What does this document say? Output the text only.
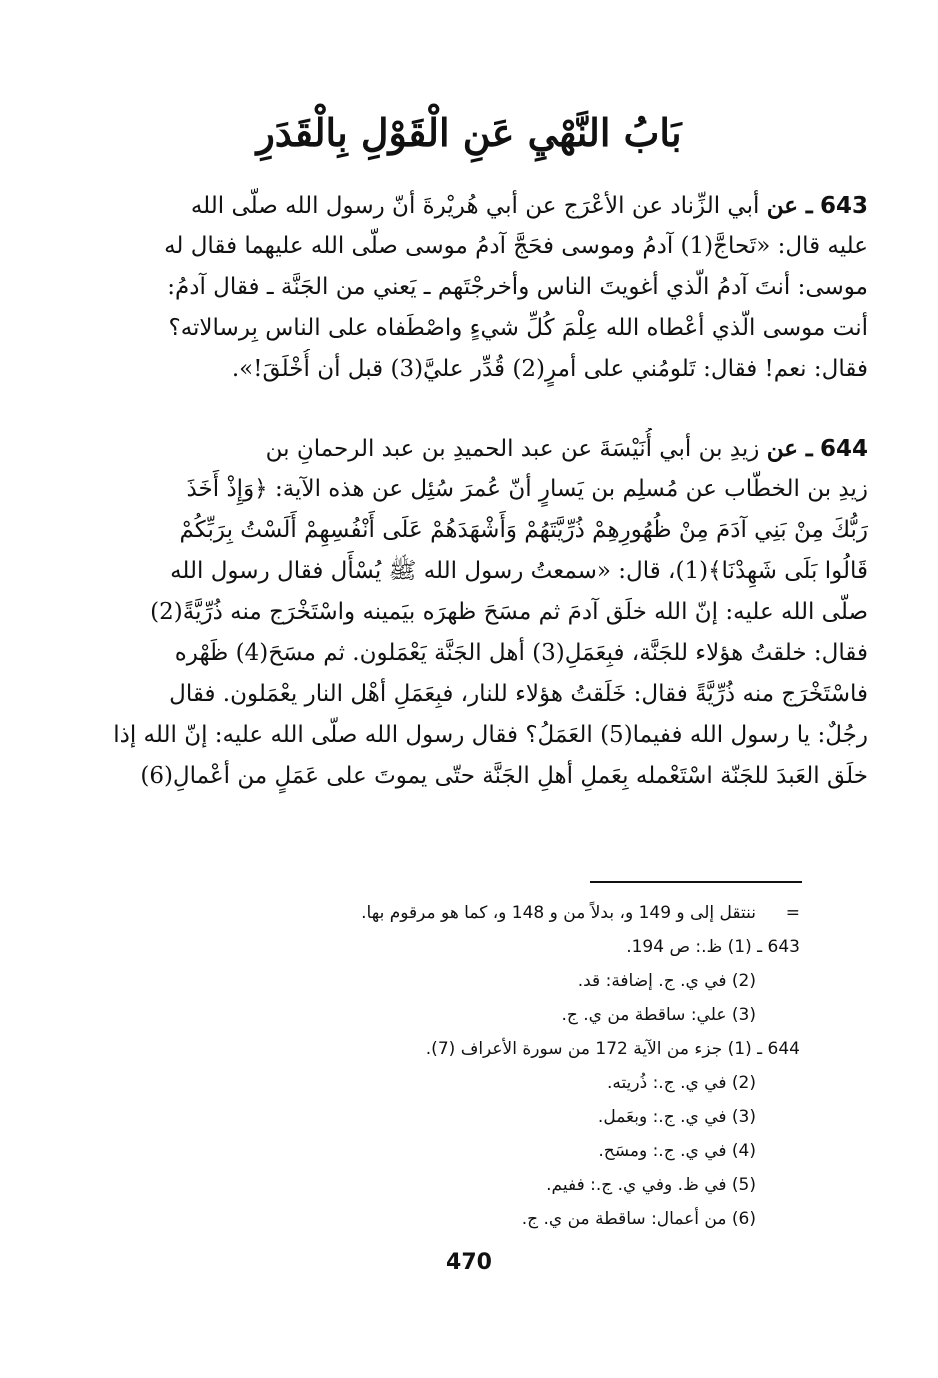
بَابُ النَّهْيِ عَنِ الْقَوْلِ بِالْقَدَرِ
643 ـ عن أبي الزِّناد عن الأعْرَج عن أبي هُريْرةَ أنّ رسول الله صلّى الله
عليه قال: «تَحاجَّ(1) آدمُ وموسى فحَجَّ آدمُ موسى صلّى الله عليهما فقال له
موسى: أنتَ آدمُ الّذي أغويتَ الناس وأخرجْتَهم ـ يَعني من الجَنَّة ـ فقال آدمُ:
أنت موسى الّذي أعْطاه الله عِلْمَ كُلِّ شيءٍ واصْطَفاه على الناس بِرسالاته؟
فقال: نعم! فقال: تَلومُني على أمرٍ(2) قُدِّر عليَّ(3) قبل أن أُخْلَقَ!».
644 ـ عن زيدِ بن أبي أُنَيْسَةَ عن عبد الحميدِ بن عبد الرحمانِ بن
زيدِ بن الخطّاب عن مُسلِم بن يَسارٍ أنّ عُمرَ سُئِل عن هذه الآية: ﴿وَإِذْ أَخَذَ
رَبُّكَ مِنْ بَنِي آدَمَ مِنْ ظُهُورِهِمْ ذُرِّيَّتَهُمْ وَأَشْهَدَهُمْ عَلَى أَنْفُسِهِمْ أَلَسْتُ بِرَبِّكُمْ
قَالُوا بَلَى شَهِدْنَا﴾(1)، قال: «سمعتُ رسول الله ﷺ يُسْأَل فقال رسول الله
صلّى الله عليه: إنّ الله خلَق آدمَ ثم مسَحَ ظهرَه بيَمينه واسْتَخْرَج منه ذُرِّيَّةً(2)
فقال: خلقتُ هؤلاء للجَنَّة، فبِعَمَلِ(3) أهل الجَنَّة يَعْمَلون. ثم مسَحَ(4) ظَهْره
فاسْتَخْرَج منه ذُرِّيَّةً فقال: خَلَقتُ هؤلاء للنار، فبِعَمَلِ أهْل النار يعْمَلون. فقال
رجُلٌ: يا رسول الله ففيما(5) العَمَلُ؟ فقال رسول الله صلّى الله عليه: إنّ الله إذا
خلَق العَبدَ للجَنّة اسْتَعْمله بِعَملِ أهلِ الجَنَّة حتّى يموتَ على عَمَلٍ من أعْمالِ(6)
=ننتقل إلى و 149 و، بدلاً من و 148 و، كما هو مرقوم بها.
643 ـ (1) ظ.: ص 194.
(2) في ي. ج. إضافة: قد.
(3) علي: ساقطة من ي. ج.
644 ـ (1) جزء من الآية 172 من سورة الأعراف (7).
(2) في ي. ج.: ذُريته.
(3) في ي. ج.: وبعَمل.
(4) في ي. ج.: ومسَح.
(5) في ظ. وفي ي. ج.: ففيم.
(6) من أعمال: ساقطة من ي. ج.
470
